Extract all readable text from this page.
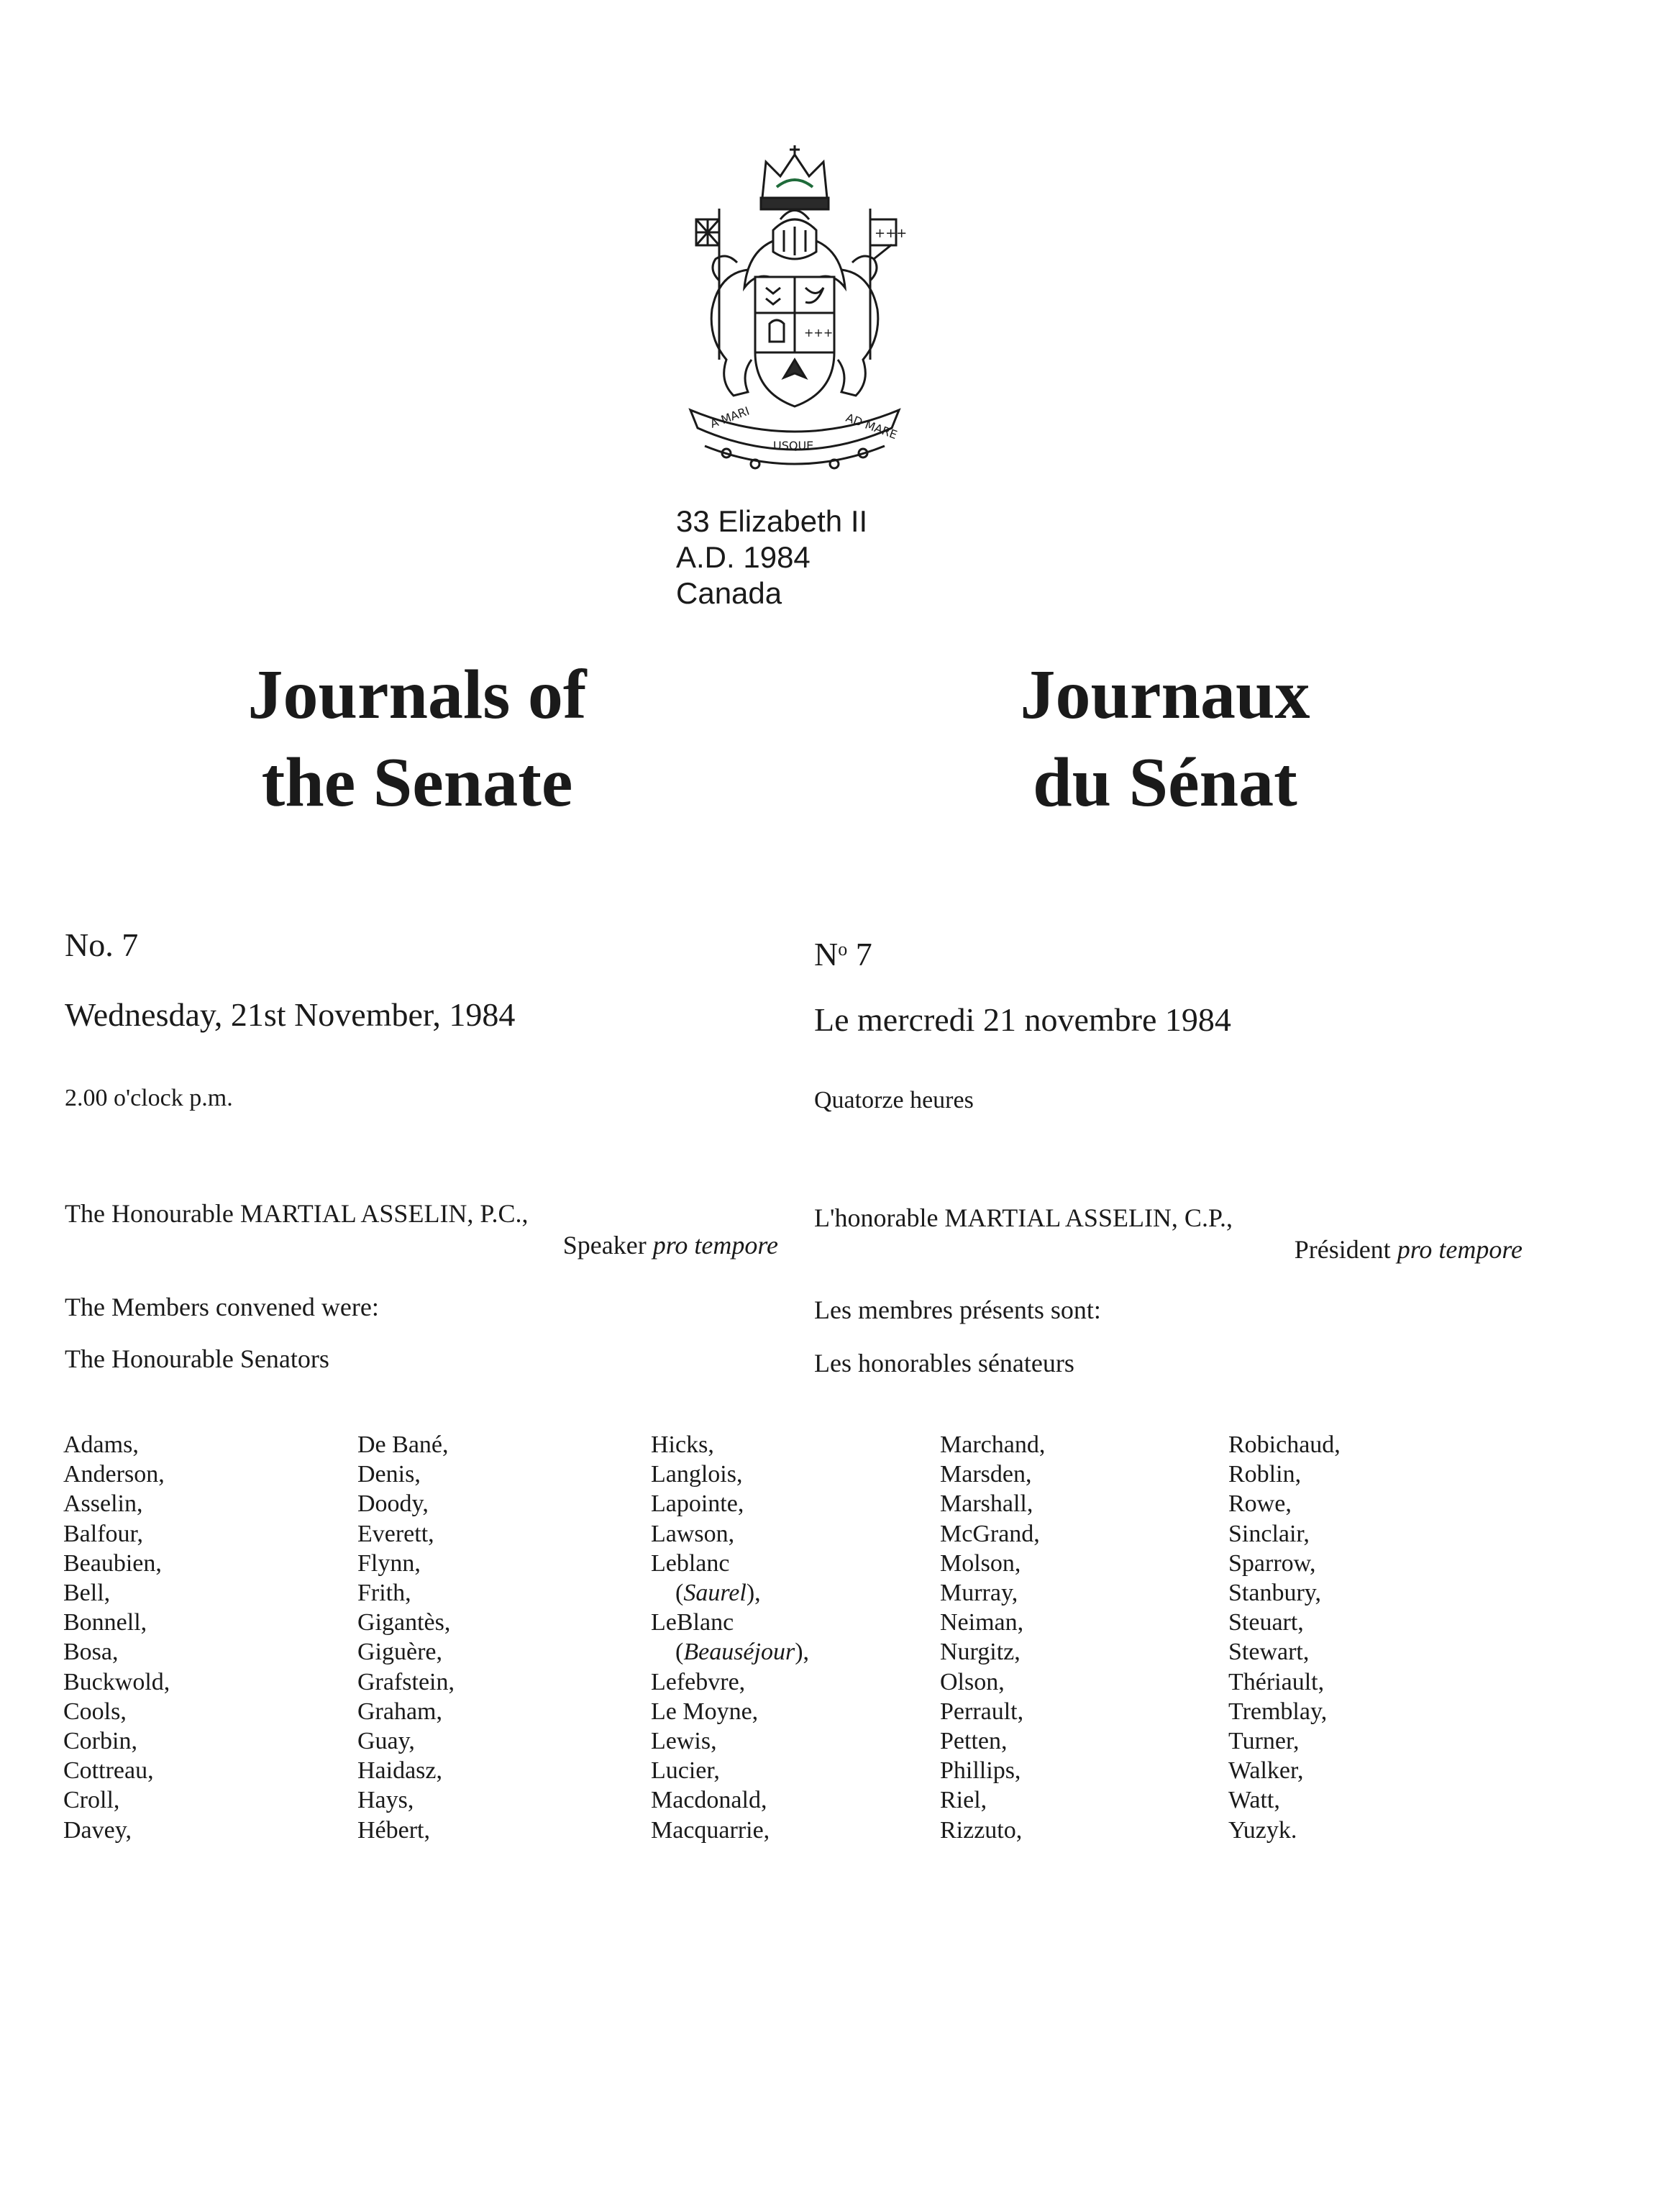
+++
+++
A MARI
USQUE
AD MARE
33 Elizabeth II
A.D. 1984
Canada
Journals of
the Senate
Journaux
du Sénat
No. 7
Wednesday, 21st November, 1984
2.00 o'clock p.m.
$N^o$ 7
Le mercredi 21 novembre 1984
Quatorze heures
The Honourable MARTIAL ASSELIN, P.C.,
Speaker pro tempore
L'honorable MARTIAL ASSELIN, C.P.,
Président pro tempore
The Members convened were:	Les membres présents sont:
The Honourable Senators	Les honorables sénateurs
Adams,
Anderson,
Asselin,
Balfour,
Beaubien,
Bell,
Bonnell,
Bosa,
Buckwold,
Cools,
Corbin,
Cottreau,
Croll,
Davey,
De Bané,
Denis,
Doody,
Everett,
Flynn,
Frith,
Gigantès,
Giguère,
Grafstein,
Graham,
Guay,
Haidasz,
Hays,
Hébert,
Hicks,
Langlois,
Lapointe,
Lawson,
Leblanc
(Saurel),
LeBlanc
(Beauséjour),
Lefebvre,
Le Moyne,
Lewis,
Lucier,
Macdonald,
Macquarrie,
Marchand,
Marsden,
Marshall,
McGrand,
Molson,
Murray,
Neiman,
Nurgitz,
Olson,
Perrault,
Petten,
Phillips,
Riel,
Rizzuto,
Robichaud,
Roblin,
Rowe,
Sinclair,
Sparrow,
Stanbury,
Steuart,
Stewart,
Thériault,
Tremblay,
Turner,
Walker,
Watt,
Yuzyk.
